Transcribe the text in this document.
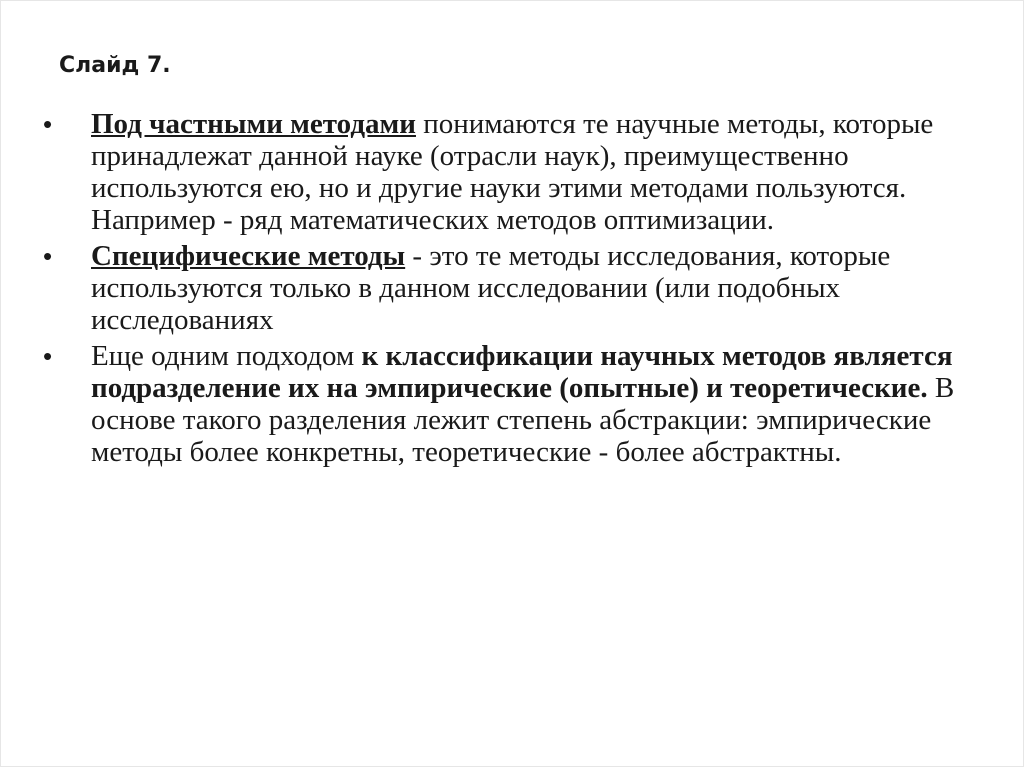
Слайд 7.
• Под частными методами понимаются те научные методы, которые принадлежат данной науке (отрасли наук), преимущественно используются ею, но и другие науки этими методами пользуются. Например - ряд математических методов оптимизации.
• Специфические методы - это те методы исследования, которые используются только в данном исследовании (или подобных исследованиях
• Еще одним подходом к классификации научных методов является подразделение их на эмпирические (опытные) и теоретические. В основе такого разделения лежит степень абстракции: эмпирические методы более конкретны, теоретические - более абстрактны.
